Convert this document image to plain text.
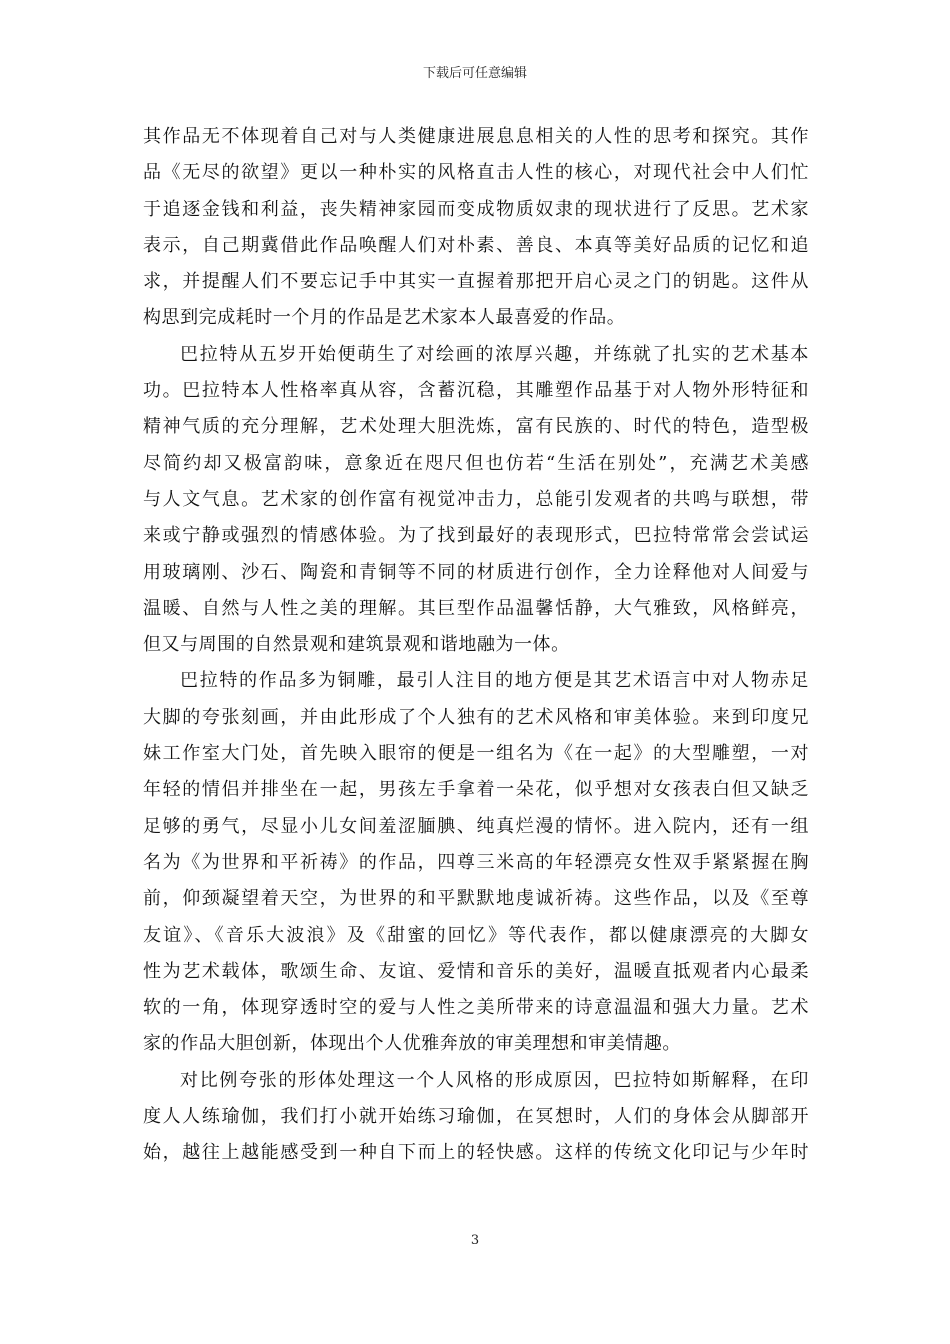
下载后可任意编辑
其作品无不体现着自己对与人类健康进展息息相关的人性的思考和探究。其作
品《无尽的欲望》更以一种朴实的风格直击人性的核心，对现代社会中人们忙
于追逐金钱和利益，丧失精神家园而变成物质奴隶的现状进行了反思。艺术家
表示，自己期冀借此作品唤醒人们对朴素、善良、本真等美好品质的记忆和追
求，并提醒人们不要忘记手中其实一直握着那把开启心灵之门的钥匙。这件从
构思到完成耗时一个月的作品是艺术家本人最喜爱的作品。
巴拉特从五岁开始便萌生了对绘画的浓厚兴趣，并练就了扎实的艺术基本
功。巴拉特本人性格率真从容，含蓄沉稳，其雕塑作品基于对人物外形特征和
精神气质的充分理解，艺术处理大胆洗炼，富有民族的、时代的特色，造型极
尽简约却又极富韵味，意象近在咫尺但也仿若“生活在别处”，充满艺术美感
与人文气息。艺术家的创作富有视觉冲击力，总能引发观者的共鸣与联想，带
来或宁静或强烈的情感体验。为了找到最好的表现形式，巴拉特常常会尝试运
用玻璃刚、沙石、陶瓷和青铜等不同的材质进行创作，全力诠释他对人间爱与
温暖、自然与人性之美的理解。其巨型作品温馨恬静，大气雅致，风格鲜亮，
但又与周围的自然景观和建筑景观和谐地融为一体。
巴拉特的作品多为铜雕，最引人注目的地方便是其艺术语言中对人物赤足
大脚的夸张刻画，并由此形成了个人独有的艺术风格和审美体验。来到印度兄
妹工作室大门处，首先映入眼帘的便是一组名为《在一起》的大型雕塑，一对
年轻的情侣并排坐在一起，男孩左手拿着一朵花，似乎想对女孩表白但又缺乏
足够的勇气，尽显小儿女间羞涩腼腆、纯真烂漫的情怀。进入院内，还有一组
名为《为世界和平祈祷》的作品，四尊三米高的年轻漂亮女性双手紧紧握在胸
前，仰颈凝望着天空，为世界的和平默默地虔诚祈祷。这些作品，以及《至尊
友谊》、《音乐大波浪》及《甜蜜的回忆》等代表作，都以健康漂亮的大脚女
性为艺术载体，歌颂生命、友谊、爱情和音乐的美好，温暖直抵观者内心最柔
软的一角，体现穿透时空的爱与人性之美所带来的诗意温温和强大力量。艺术
家的作品大胆创新，体现出个人优雅奔放的审美理想和审美情趣。
对比例夸张的形体处理这一个人风格的形成原因，巴拉特如斯解释，在印
度人人练瑜伽，我们打小就开始练习瑜伽，在冥想时，人们的身体会从脚部开
始，越往上越能感受到一种自下而上的轻快感。这样的传统文化印记与少年时
3
